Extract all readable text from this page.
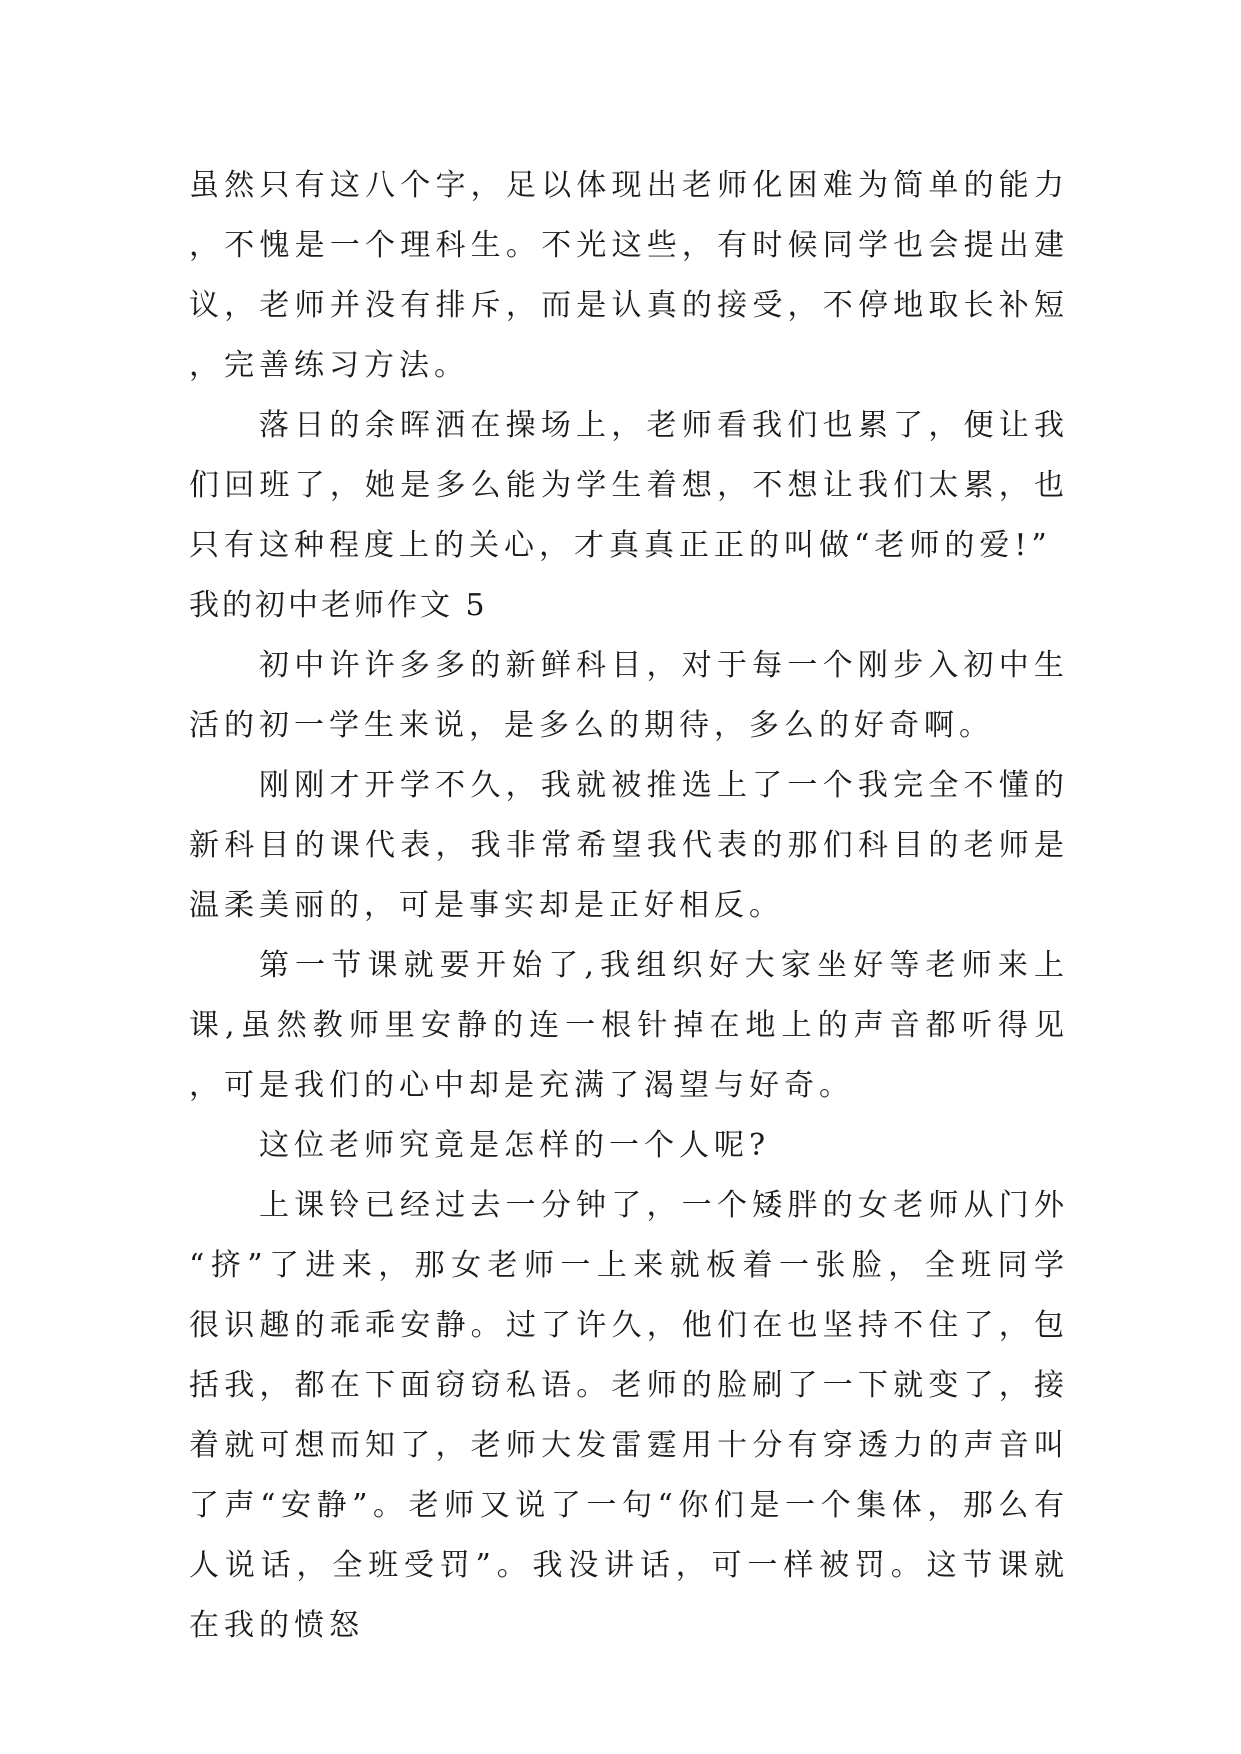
虽然只有这八个字，足以体现出老师化困难为简单的能力，不愧是一个理科生。不光这些，有时候同学也会提出建议，老师并没有排斥，而是认真的接受，不停地取长补短，完善练习方法。

落日的余晖洒在操场上，老师看我们也累了，便让我们回班了，她是多么能为学生着想，不想让我们太累，也只有这种程度上的关心，才真真正正的叫做“老师的爱!”

我的初中老师作文 5

初中许许多多的新鲜科目，对于每一个刚步入初中生活的初一学生来说，是多么的期待，多么的好奇啊。

刚刚才开学不久，我就被推选上了一个我完全不懂的新科目的课代表，我非常希望我代表的那们科目的老师是温柔美丽的，可是事实却是正好相反。

第一节课就要开始了,我组织好大家坐好等老师来上课,虽然教师里安静的连一根针掉在地上的声音都听得见，可是我们的心中却是充满了渴望与好奇。

这位老师究竟是怎样的一个人呢?

上课铃已经过去一分钟了，一个矮胖的女老师从门外“挤”了进来，那女老师一上来就板着一张脸，全班同学很识趣的乖乖安静。过了许久，他们在也坚持不住了，包括我，都在下面窃窃私语。老师的脸刷了一下就变了，接着就可想而知了，老师大发雷霆用十分有穿透力的声音叫了声“安静”。老师又说了一句“你们是一个集体，那么有人说话，全班受罚”。我没讲话，可一样被罚。这节课就在我的愤怒
